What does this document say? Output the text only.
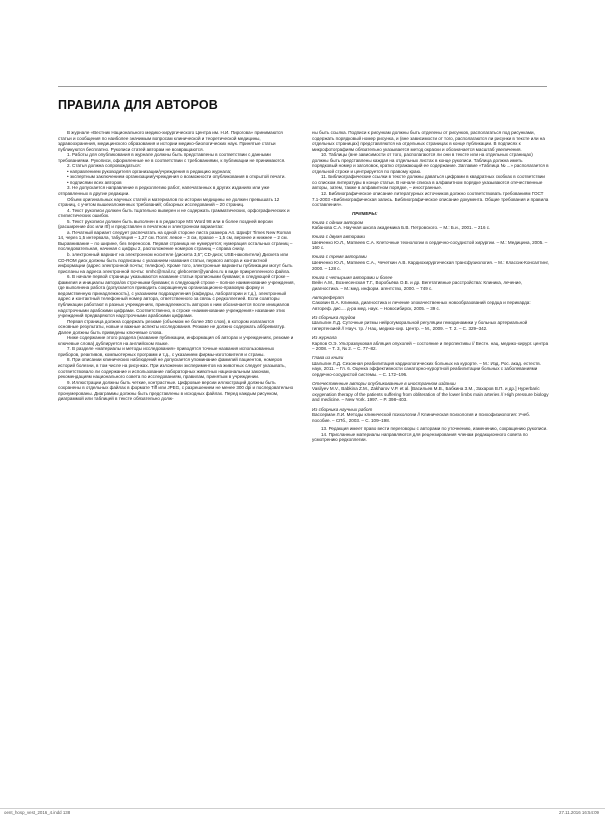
ПРАВИЛА ДЛЯ АВТОРОВ

В журнале «Вестник Национального медико-хирургического Центра им. Н.И. Пирогова» принимаются статьи и сообщения по наиболее значимым вопросам клинической и теоретической медицины, здравоохранения, медицинского образования и истории медико-биологических наук. Принятые статьи публикуются бесплатно. Рукописи статей авторам не возвращаются.

1. Работы для опубликования в журнале должны быть представлены в соответствии с данными требованиями. Рукописи, оформленные не в соответствии с требованиями, к публикации не принимаются.

2. Статья должна сопровождаться:

• направлением руководителя организации/учреждения в редакцию журнала;

• экспертным заключением организации/учреждения о возможности опубликования в открытой печати.

• подписями всех авторов

3. Не допускается направление в редколлегию работ, напечатанных в других изданиях или уже отправленных в другие редакции.

Объем оригинальных научных статей и материалов по истории медицины не должен превышать 12 страниц, с учетом вышеизложенных требований; обзорных исследований – 20 страниц.

4. Текст рукописи должен быть тщательно выверен и не содержать грамматических, орфографических и стилистических ошибок.

5. Текст рукописи должен быть выполнен в в редакторе MS Word 98 или в более поздней версии (расширение doc или rtf) и представлен в печатном и электронном вариантах:

а. Печатный вариант следует распечатать на одной стороне листа размера А4. Шрифт Times New Roman 14, через 1,5 интервала, табуляция – 1,27 см. Поля: левое – 3 см, правое – 1,5 см, верхнее и нижнее – 2 см. Выравнивание – по ширине, без переносов. Первая страница не нумеруется; нумерация остальных страниц – последовательная, начиная с цифры 2, расположение номеров страниц – справа снизу.

b. электронный вариант на электронном носителе (дискета 3,5"; CD-диск; USB-накопители) Дискета или CD-ROM диск должны быть подписаны с указанием названия статьи, первого автора и контактной информации (адрес электронной почты; телефон). Кроме того, электронные варианты публикации могут быть присланы на адреса электронной почты: nmhc@mail.ru; glebcenter@yandex.ru в виде прикрепленного файла.

6. В начале первой страницы указываются название статьи прописными буквами; в следующей строке – фамилия и инициалы автора/ов строчными буквами; в следующей строке – полное наименование учреждения, где выполнена работа (допускается приводить сокращенную организационно-правовую форму и ведомственную принадлежность), с указанием подразделения (кафедры, лаборатории и т.д.), электронный адрес и контактный телефонный номер автора, ответственного за связь с редколлегией. Если соавторы публикации работают в разных учреждениях, принадлежность авторов к ним обозначается после инициалов надстрочными арабскими цифрами. Соответственно, в строке «наименование учреждения» название этих учреждений предваряются надстрочными арабскими цифрами.

Первая страница должна содержать резюме (объемом не более 250 слов), в котором излагаются основные результаты, новые и важные аспекты исследования. Резюме не должно содержать аббревиатур. Далее должны быть приведены ключевые слова.

Ниже содержание этого раздела (название публикации, информация об авторах и учреждениях, резюме и ключевые слова) дублируется на английском языке.

7. В разделе «материалы и методы исследования» приводятся точные названия использованных приборов, реактивов, компьютерных программ и т.д., с указанием фирмы-изготовителя и страны.

8. При описании клинических наблюдений не допускается упоминание фамилий пациентов, номеров историй болезни, в том числе на рисунках. При изложении экспериментов на животных следует указывать, соответствовало ли содержание и использование лабораторных животных национальным законам, рекомендациям национального совета по исследованиям, правилам, принятым в учреждении.

9. Иллюстрации должны быть четкие, контрастные. Цифровые версии иллюстраций должны быть сохранены в отдельных файлах в формате Tiff или JPEG, с разрешением не менее 300 dpi и последовательно пронумерованы. Диаграммы должны быть представлены в исходных файлах. Перед каждым рисунком, диаграммой или таблицей в тексте обязательно долж-

ны быть ссылка. Подписи к рисункам должны быть отделены от рисунков, располагаться под рисунками, содержать порядковый номер рисунка, и (вне зависимости от того, располагаются ли рисунки в тексте или на отдельных страницах) представляются на отдельных страницах в конце публикации. В подписях к микрофотографиям обязательно указывается метод окраски и обозначается масштаб увеличения.

10. Таблицы (вне зависимости от того, располагаются ли они в тексте или на отдельных страницах) должны быть представлены каждая на отдельных листах в конце рукописи. Таблица должна иметь порядковый номер и заголовок, кратко отражающий ее содержание. Заглавие «Таблица № ...» располагается в отдельной строке и центрируется по правому краю.

11. Библиографические ссылки в тексте должны даваться цифрами в квадратных скобках в соответствии со списком литературы в конце статьи. В начале списка в алфавитном порядке указываются отечественные авторы, затем, также в алфавитном порядке, – иностранные.

12. Библиографическое описание литературных источников должно соответствовать требованиям ГОСТ 7.1-2003 «Библиографическая запись. Библиографическое описание документа. Общие требования и правила составления».

ПРИМЕРЫ:

Книга с одним автором

Кабанова С.А. Научная школа академика Б.В. Петровского. – М.: Б.и., 2001. – 216 с.

Книга с двумя авторами

Шевченко Ю.Л., Матвеев С.А. Клеточные технологии в сердечно-сосудистой хирургии. – М.: Медицина, 2005. – 160 с.

Книга с тремя авторами

Шевченко Ю.Л., Матвеев С.А., Чечеткин А.В. Кардиохирургическая трансфузиология. – М.: Классик-Консалтинг, 2000. – 128 с.

Книга с четырьмя авторами и более

Вейн А.М., Вознесенская Т.Г., Воробьёва О.В. и др. Вегетативные расстройства: Клиника, лечение, диагностика. – М.:мед. информ. агентство, 2000. – 749 с.

Автореферат

Саковин В.А. Клиника, диагностика и лечение злокачественных новообразований сердца и перикарда: Автореф. дис.... д-ра мед. наук. – Новосибирск, 2005. – 39 с.

Из сборника трудов

Шалыгин Л.Д. Суточные ритмы нейрогуморальной регуляции гемодинамики у больных артериальной гипертензией // Науч. тр. / Нац. медико-хир. Центр. – М., 2009. – Т. 2. – С. 329–342.

Из журнала

Карпов О.Э. Ультразвуковая абляция опухолей – состояние и перспективы // Вестн. нац. медико-хирург. центра – 2008. – Т. 3, № 2. – С. 77–82.

Глава из книги

Шалыгин Л.Д. Сезонная реабилитация кардиологических больных на курорте. – М.: Изд. Рос. акад. естеств. наук, 2011. – Гл. 6. Оценка эффективности санаторно-курортной реабилитации больных с заболеваниями сердечно-сосудистой системы. – С. 172–196.

Отечественные авторы опубликованные в иностранном издании

Vasilyev M.V., Babkina Z.M., Zakharov V.P. et al. [Васильев М.В., Бабкина З.М., Захаров В.П. и др.] Hyperbaric oxygenation therapy of the patients suffering from obliteration of the lower limbs main arteries // High pressure biology and medicine. – New York. 1997. – P. 398–403.

Из сборника научных работ

Вассерман Л.И. Методы клинической психологии // Клиническая психология и психофизиология: Учеб. пособие. – СПб., 2003. – С. 109–198.

13. Редакция имеет право вести переговоры с авторами по уточнению, изменению, сокращению рукописи.

14. Присланные материалы направляются для рецензирования членам редакционного совета по усмотрению редколлегии.

oent_hosp_vest_2016_4.indd 138	27.11.2016 16:54:09
